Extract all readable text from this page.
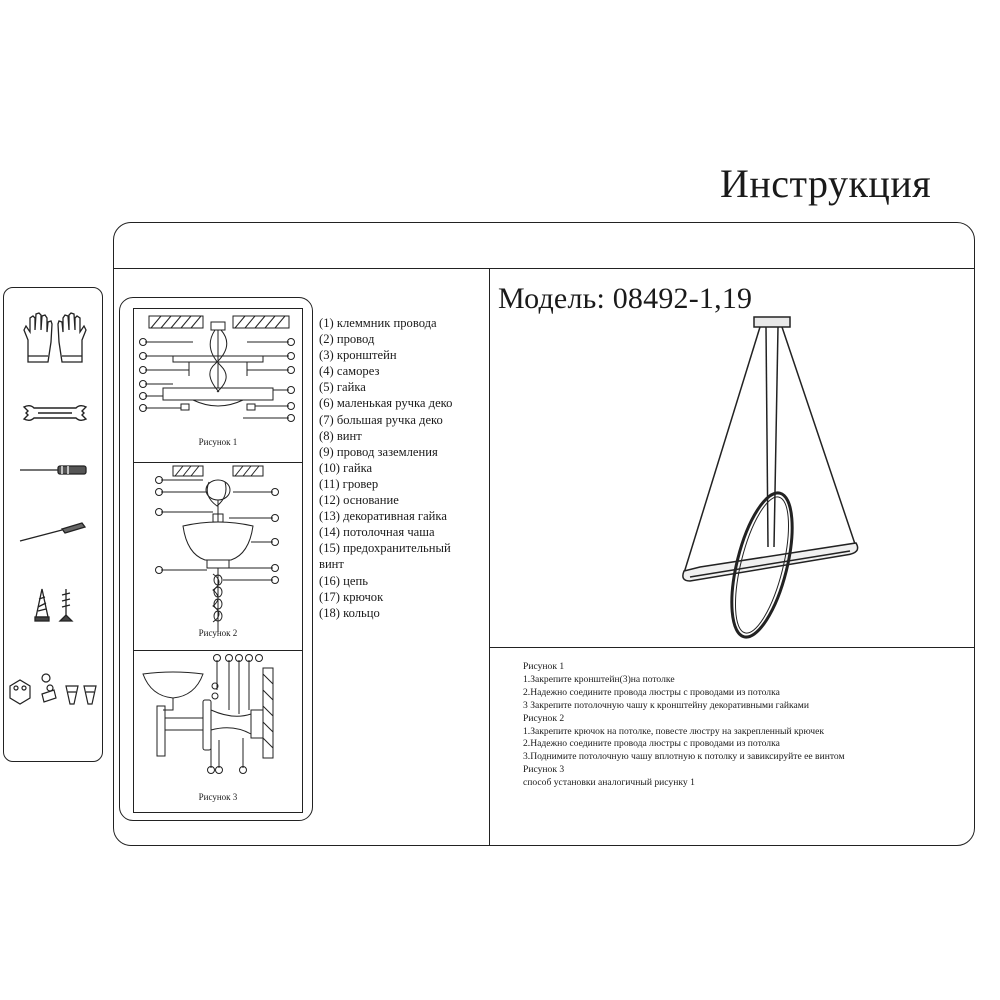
Инструкция
Рисунок 1
Рисунок 2
Рисунок 3
(1) клеммник провода
(2) провод
(3) кронштейн
(4) саморез
(5) гайка
(6) маленькая ручка деко
(7) большая ручка деко
(8) винт
(9) провод заземления
(10) гайка
(11) гровер
(12) основание
(13) декоративная гайка
(14) потолочная чаша
(15) предохранительный
винт
(16) цепь
(17) крючок
(18) кольцо
Модель: 08492-1,19
Рисунок 1
1.Закрепите кронштейн(3)на потолке
2.Надежно соедините провода люстры с проводами из потолка
3 Закрепите потолочную чашу к кронштейну декоративными гайками
Рисунок 2
1.Закрепите крючок на потолке, повесте люстру на закрепленный крючек
2.Надежно соедините провода люстры с проводами из потолка
3.Поднимите потолочную чашу вплотную к потолку и завиксируйте ее винтом
Рисунок 3
способ установки аналогичный рисунку 1
